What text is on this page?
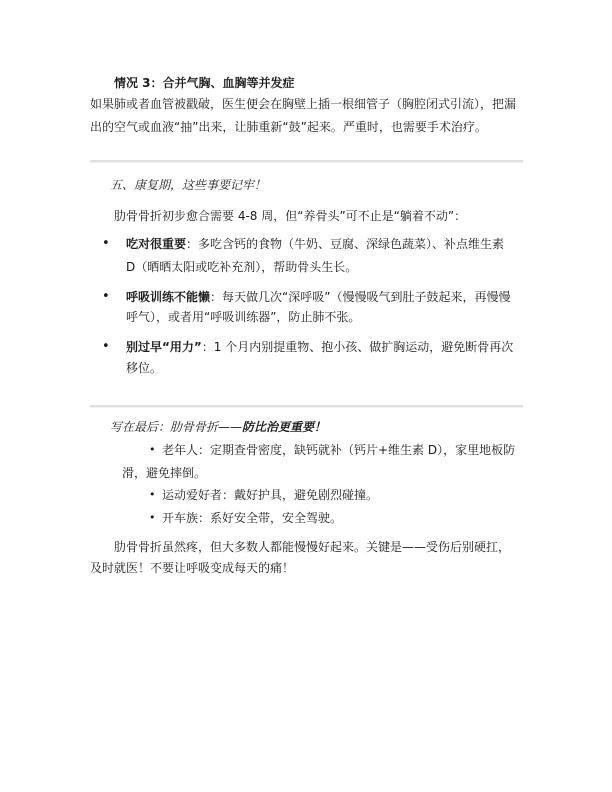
情况 3：合并气胸、血胸等并发症
如果肺或者血管被戳破，医生便会在胸壁上插一根细管子（胸腔闭式引流），把漏
出的空气或血液“抽”出来，让肺重新“鼓”起来。严重时，也需要手术治疗。
五、康复期，这些事要记牢！
肋骨骨折初步愈合需要 4-8 周，但“养骨头”可不止是“躺着不动”：
• 吃对很重要：多吃含钙的食物（牛奶、豆腐、深绿色蔬菜）、补点维生素
D（晒晒太阳或吃补充剂），帮助骨头生长。
• 呼吸训练不能懒：每天做几次“深呼吸”（慢慢吸气到肚子鼓起来，再慢慢
呼气），或者用“呼吸训练器”，防止肺不张。
• 别过早“用力”：1 个月内别提重物、抱小孩、做扩胸运动，避免断骨再次
移位。
写在最后：肋骨骨折——防比治更重要！
• 老年人：定期查骨密度，缺钙就补（钙片+维生素 D），家里地板防
滑，避免摔倒。
• 运动爱好者：戴好护具，避免剧烈碰撞。
• 开车族：系好安全带，安全驾驶。
肋骨骨折虽然疼，但大多数人都能慢慢好起来。关键是——受伤后别硬扛，
及时就医！不要让呼吸变成每天的痛！
